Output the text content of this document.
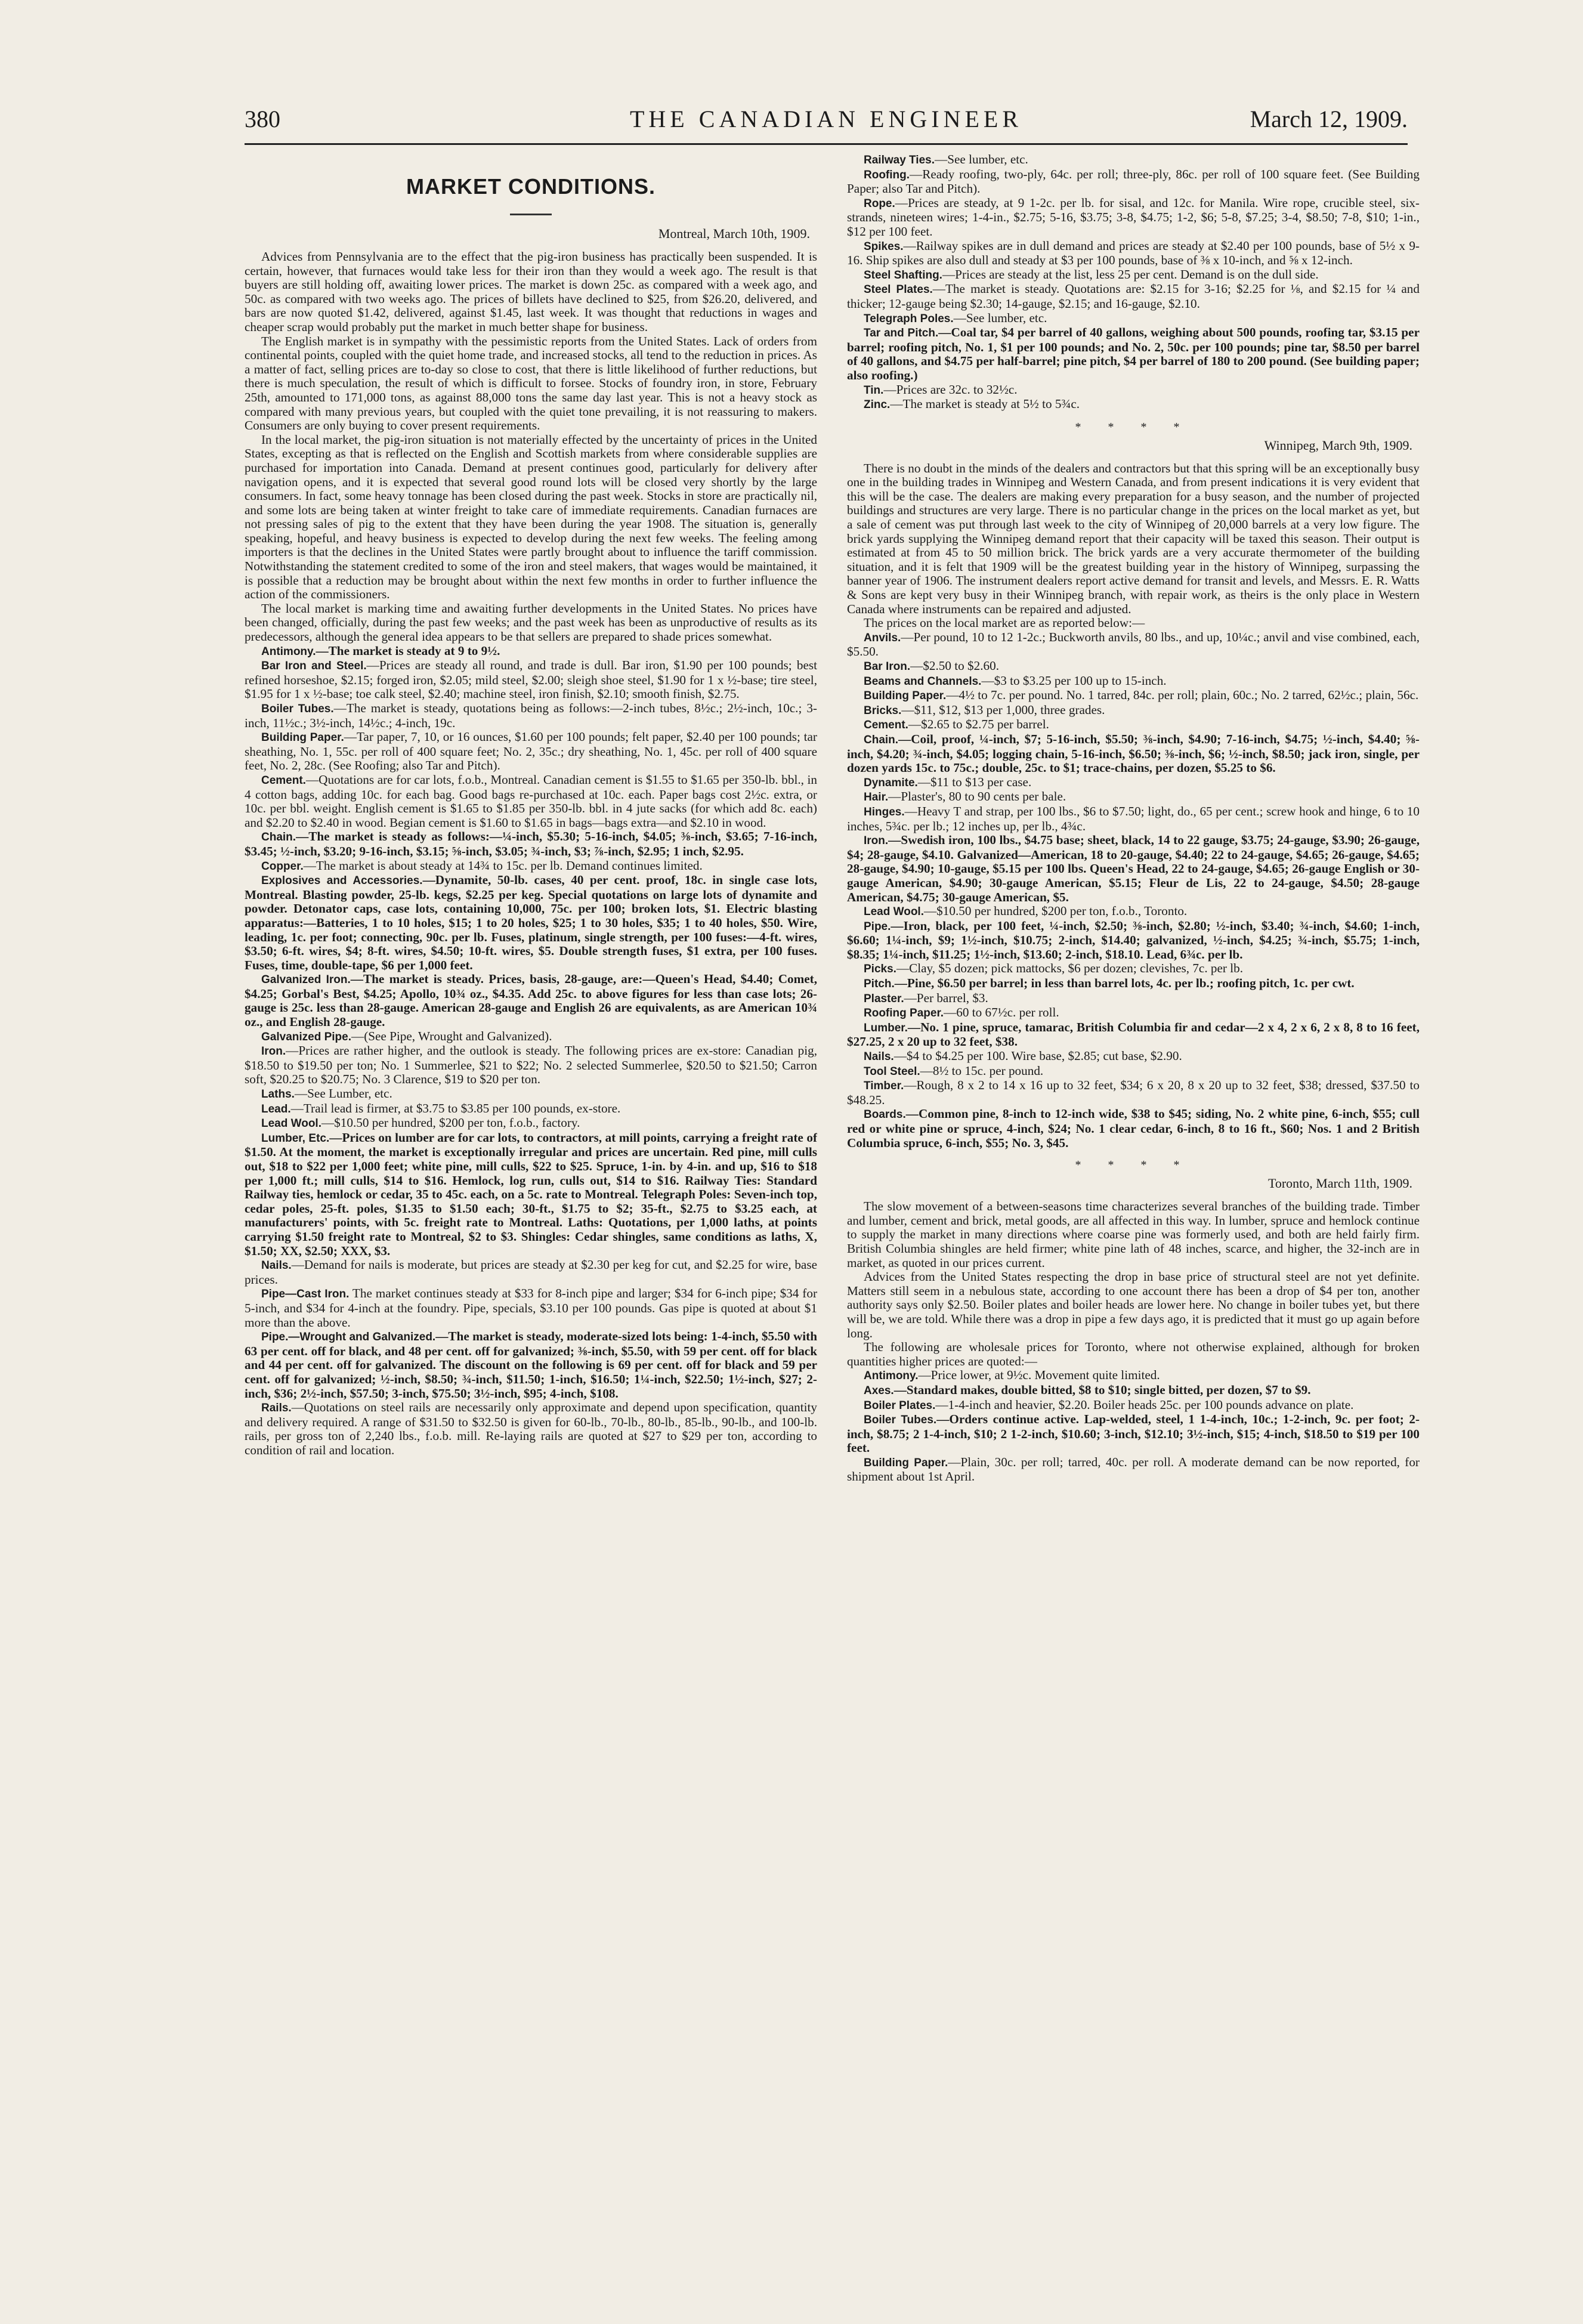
380	THE CANADIAN ENGINEER	March 12, 1909.
MARKET CONDITIONS.
Montreal, March 10th, 1909.

Advices from Pennsylvania are to the effect that the pig-iron business has practically been suspended. It is certain, however, that furnaces would take less for their iron than they would a week ago. The result is that buyers are still holding off, awaiting lower prices. The market is down 25c. as compared with a week ago, and 50c. as compared with two weeks ago. The prices of billets have declined to $25, from $26.20, delivered, and bars are now quoted $1.42, delivered, against $1.45, last week. It was thought that reductions in wages and cheaper scrap would probably put the market in much better shape for business.

The English market is in sympathy with the pessimistic reports from the United States. Lack of orders from continental points, coupled with the quiet home trade, and increased stocks, all tend to the reduction in prices. As a matter of fact, selling prices are to-day so close to cost, that there is little likelihood of further reductions, but there is much speculation, the result of which is difficult to forsee. Stocks of foundry iron, in store, February 25th, amounted to 171,000 tons, as against 88,000 tons the same day last year. This is not a heavy stock as compared with many previous years, but coupled with the quiet tone prevailing, it is not reassuring to makers. Consumers are only buying to cover present requirements.

In the local market, the pig-iron situation is not materially effected by the uncertainty of prices in the United States, excepting as that is reflected on the English and Scottish markets from where considerable supplies are purchased for importation into Canada. Demand at present continues good, particularly for delivery after navigation opens, and it is expected that several good round lots will be closed very shortly by the large consumers. In fact, some heavy tonnage has been closed during the past week. Stocks in store are practically nil, and some lots are being taken at winter freight to take care of immediate requirements. Canadian furnaces are not pressing sales of pig to the extent that they have been during the year 1908. The situation is, generally speaking, hopeful, and heavy business is expected to develop during the next few weeks. The feeling among importers is that the declines in the United States were partly brought about to influence the tariff commission. Notwithstanding the statement credited to some of the iron and steel makers, that wages would be maintained, it is possible that a reduction may be brought about within the next few months in order to further influence the action of the commissioners.

The local market is marking time and awaiting further developments in the United States. No prices have been changed, officially, during the past few weeks; and the past week has been as unproductive of results as its predecessors, although the general idea appears to be that sellers are prepared to shade prices somewhat.

Antimony.—The market is steady at 9 to 9½.

Bar Iron and Steel.—Prices are steady all round, and trade is dull. Bar iron, $1.90 per 100 pounds; best refined horseshoe, $2.15; forged iron, $2.05; mild steel, $2.00; sleigh shoe steel, $1.90 for 1 x ½-base; tire steel, $1.95 for 1 x ½-base; toe calk steel, $2.40; machine steel, iron finish, $2.10; smooth finish, $2.75.

Boiler Tubes.—The market is steady, quotations being as follows:—2-inch tubes, 8½c.; 2½-inch, 10c.; 3-inch, 11½c.; 3½-inch, 14½c.; 4-inch, 19c.

Building Paper.—Tar paper, 7, 10, or 16 ounces, $1.60 per 100 pounds; felt paper, $2.40 per 100 pounds; tar sheathing, No. 1, 55c. per roll of 400 square feet; No. 2, 35c.; dry sheathing, No. 1, 45c. per roll of 400 square feet, No. 2, 28c. (See Roofing; also Tar and Pitch).

Cement.—Quotations are for car lots, f.o.b., Montreal. Canadian cement is $1.55 to $1.65 per 350-lb. bbl., in 4 cotton bags, adding 10c. for each bag. Good bags re-purchased at 10c. each. Paper bags cost 2½c. extra, or 10c. per bbl. weight. English cement is $1.65 to $1.85 per 350-lb. bbl. in 4 jute sacks (for which add 8c. each) and $2.20 to $2.40 in wood. Begian cement is $1.60 to $1.65 in bags—bags extra—and $2.10 in wood.

Chain.—The market is steady as follows:—¼-inch, $5.30; 5-16-inch, $4.05; ⅜-inch, $3.65; 7-16-inch, $3.45; ½-inch, $3.20; 9-16-inch, $3.15; ⅝-inch, $3.05; ¾-inch, $3; ⅞-inch, $2.95; 1 inch, $2.95.

Copper.—The market is about steady at 14¾ to 15c. per lb. Demand continues limited.

Explosives and Accessories.—Dynamite, 50-lb. cases, 40 per cent. proof, 18c. in single case lots, Montreal. Blasting powder, 25-lb. kegs, $2.25 per keg. Special quotations on large lots of dynamite and powder. Detonator caps, case lots, containing 10,000, 75c. per 100; broken lots, $1. Electric blasting apparatus:—Batteries, 1 to 10 holes, $15; 1 to 20 holes, $25; 1 to 30 holes, $35; 1 to 40 holes, $50. Wire, leading, 1c. per foot; connecting, 90c. per lb. Fuses, platinum, single strength, per 100 fuses:—4-ft. wires, $3.50; 6-ft. wires, $4; 8-ft. wires, $4.50; 10-ft. wires, $5. Double strength fuses, $1 extra, per 100 fuses. Fuses, time, double-tape, $6 per 1,000 feet.

Galvanized Iron.—The market is steady. Prices, basis, 28-gauge, are:—Queen's Head, $4.40; Comet, $4.25; Gorbal's Best, $4.25; Apollo, 10¾ oz., $4.35. Add 25c. to above figures for less than case lots; 26-gauge is 25c. less than 28-gauge. American 28-gauge and English 26 are equivalents, as are American 10¾ oz., and English 28-gauge.

Galvanized Pipe.—(See Pipe, Wrought and Galvanized).

Iron.—Prices are rather higher, and the outlook is steady. The following prices are ex-store: Canadian pig, $18.50 to $19.50 per ton; No. 1 Summerlee, $21 to $22; No. 2 selected Summerlee, $20.50 to $21.50; Carron soft, $20.25 to $20.75; No. 3 Clarence, $19 to $20 per ton.

Laths.—See Lumber, etc.

Lead.—Trail lead is firmer, at $3.75 to $3.85 per 100 pounds, ex-store.

Lead Wool.—$10.50 per hundred, $200 per ton, f.o.b., factory.

Lumber, Etc.—Prices on lumber are for car lots, to contractors, at mill points, carrying a freight rate of $1.50. At the moment, the market is exceptionally irregular and prices are uncertain. Red pine, mill culls out, $18 to $22 per 1,000 feet; white pine, mill culls, $22 to $25. Spruce, 1-in. by 4-in. and up, $16 to $18 per 1,000 ft.; mill culls, $14 to $16. Hemlock, log run, culls out, $14 to $16. Railway Ties: Standard Railway ties, hemlock or cedar, 35 to 45c. each, on a 5c. rate to Montreal. Telegraph Poles: Seven-inch top, cedar poles, 25-ft. poles, $1.35 to $1.50 each; 30-ft., $1.75 to $2; 35-ft., $2.75 to $3.25 each, at manufacturers' points, with 5c. freight rate to Montreal. Laths: Quotations, per 1,000 laths, at points carrying $1.50 freight rate to Montreal, $2 to $3. Shingles: Cedar shingles, same conditions as laths, X, $1.50; XX, $2.50; XXX, $3.

Nails.—Demand for nails is moderate, but prices are steady at $2.30 per keg for cut, and $2.25 for wire, base prices.

Pipe—Cast Iron. The market continues steady at $33 for 8-inch pipe and larger; $34 for 6-inch pipe; $34 for 5-inch, and $34 for 4-inch at the foundry. Pipe, specials, $3.10 per 100 pounds. Gas pipe is quoted at about $1 more than the above.

Pipe.—Wrought and Galvanized.—The market is steady, moderate-sized lots being: 1-4-inch, $5.50 with 63 per cent. off for black, and 48 per cent. off for galvanized; ⅜-inch, $5.50, with 59 per cent. off for black and 44 per cent. off for galvanized. The discount on the following is 69 per cent. off for black and 59 per cent. off for galvanized; ½-inch, $8.50; ¾-inch, $11.50; 1-inch, $16.50; 1¼-inch, $22.50; 1½-inch, $27; 2-inch, $36; 2½-inch, $57.50; 3-inch, $75.50; 3½-inch, $95; 4-inch, $108.

Rails.—Quotations on steel rails are necessarily only approximate and depend upon specification, quantity and delivery required. A range of $31.50 to $32.50 is given for 60-lb., 70-lb., 80-lb., 85-lb., 90-lb., and 100-lb. rails, per gross ton of 2,240 lbs., f.o.b. mill. Re-laying rails are quoted at $27 to $29 per ton, according to condition of rail and location.

Railway Ties.—See lumber, etc.

Roofing.—Ready roofing, two-ply, 64c. per roll; three-ply, 86c. per roll of 100 square feet. (See Building Paper; also Tar and Pitch).

Rope.—Prices are steady, at 9 1-2c. per lb. for sisal, and 12c. for Manila. Wire rope, crucible steel, six-strands, nineteen wires; 1-4-in., $2.75; 5-16, $3.75; 3-8, $4.75; 1-2, $6; 5-8, $7.25; 3-4, $8.50; 7-8, $10; 1-in., $12 per 100 feet.

Spikes.—Railway spikes are in dull demand and prices are steady at $2.40 per 100 pounds, base of 5½ x 9-16. Ship spikes are also dull and steady at $3 per 100 pounds, base of ⅜ x 10-inch, and ⅝ x 12-inch.

Steel Shafting.—Prices are steady at the list, less 25 per cent. Demand is on the dull side.

Steel Plates.—The market is steady. Quotations are: $2.15 for 3-16; $2.25 for ⅛, and $2.15 for ¼ and thicker; 12-gauge being $2.30; 14-gauge, $2.15; and 16-gauge, $2.10.

Telegraph Poles.—See lumber, etc.

Tar and Pitch.—Coal tar, $4 per barrel of 40 gallons, weighing about 500 pounds, roofing tar, $3.15 per barrel; roofing pitch, No. 1, $1 per 100 pounds; and No. 2, 50c. per 100 pounds; pine tar, $8.50 per barrel of 40 gallons, and $4.75 per half-barrel; pine pitch, $4 per barrel of 180 to 200 pound. (See building paper; also roofing.)

Tin.—Prices are 32c. to 32½c.

Zinc.—The market is steady at 5½ to 5¾c.

* * * *
Winnipeg, March 9th, 1909.

There is no doubt in the minds of the dealers and contractors but that this spring will be an exceptionally busy one in the building trades in Winnipeg and Western Canada, and from present indications it is very evident that this will be the case. The dealers are making every preparation for a busy season, and the number of projected buildings and structures are very large. There is no particular change in the prices on the local market as yet, but a sale of cement was put through last week to the city of Winnipeg of 20,000 barrels at a very low figure. The brick yards supplying the Winnipeg demand report that their capacity will be taxed this season. Their output is estimated at from 45 to 50 million brick. The brick yards are a very accurate thermometer of the building situation, and it is felt that 1909 will be the greatest building year in the history of Winnipeg, surpassing the banner year of 1906. The instrument dealers report active demand for transit and levels, and Messrs. E. R. Watts & Sons are kept very busy in their Winnipeg branch, with repair work, as theirs is the only place in Western Canada where instruments can be repaired and adjusted.

The prices on the local market are as reported below:—

Anvils.—Per pound, 10 to 12 1-2c.; Buckworth anvils, 80 lbs., and up, 10¼c.; anvil and vise combined, each, $5.50.

Bar Iron.—$2.50 to $2.60.

Beams and Channels.—$3 to $3.25 per 100 up to 15-inch.

Building Paper.—4½ to 7c. per pound. No. 1 tarred, 84c. per roll; plain, 60c.; No. 2 tarred, 62½c.; plain, 56c.

Bricks.—$11, $12, $13 per 1,000, three grades.

Cement.—$2.65 to $2.75 per barrel.

Chain.—Coil, proof, ¼-inch, $7; 5-16-inch, $5.50; ⅜-inch, $4.90; 7-16-inch, $4.75; ½-inch, $4.40; ⅝-inch, $4.20; ¾-inch, $4.05; logging chain, 5-16-inch, $6.50; ⅜-inch, $6; ½-inch, $8.50; jack iron, single, per dozen yards 15c. to 75c.; double, 25c. to $1; trace-chains, per dozen, $5.25 to $6.

Dynamite.—$11 to $13 per case.

Hair.—Plaster's, 80 to 90 cents per bale.

Hinges.—Heavy T and strap, per 100 lbs., $6 to $7.50; light, do., 65 per cent.; screw hook and hinge, 6 to 10 inches, 5¾c. per lb.; 12 inches up, per lb., 4¾c.

Iron.—Swedish iron, 100 lbs., $4.75 base; sheet, black, 14 to 22 gauge, $3.75; 24-gauge, $3.90; 26-gauge, $4; 28-gauge, $4.10. Galvanized—American, 18 to 20-gauge, $4.40; 22 to 24-gauge, $4.65; 26-gauge, $4.65; 28-gauge, $4.90; 10-gauge, $5.15 per 100 lbs. Queen's Head, 22 to 24-gauge, $4.65; 26-gauge English or 30-gauge American, $4.90; 30-gauge American, $5.15; Fleur de Lis, 22 to 24-gauge, $4.50; 28-gauge American, $4.75; 30-gauge American, $5.

Lead Wool.—$10.50 per hundred, $200 per ton, f.o.b., Toronto.

Pipe.—Iron, black, per 100 feet, ¼-inch, $2.50; ⅜-inch, $2.80; ½-inch, $3.40; ¾-inch, $4.60; 1-inch, $6.60; 1¼-inch, $9; 1½-inch, $10.75; 2-inch, $14.40; galvanized, ½-inch, $4.25; ¾-inch, $5.75; 1-inch, $8.35; 1¼-inch, $11.25; 1½-inch, $13.60; 2-inch, $18.10. Lead, 6¾c. per lb.

Picks.—Clay, $5 dozen; pick mattocks, $6 per dozen; clevishes, 7c. per lb.

Pitch.—Pine, $6.50 per barrel; in less than barrel lots, 4c. per lb.; roofing pitch, 1c. per cwt.

Plaster.—Per barrel, $3.

Roofing Paper.—60 to 67½c. per roll.

Lumber.—No. 1 pine, spruce, tamarac, British Columbia fir and cedar—2 x 4, 2 x 6, 2 x 8, 8 to 16 feet, $27.25, 2 x 20 up to 32 feet, $38.

Nails.—$4 to $4.25 per 100. Wire base, $2.85; cut base, $2.90.

Tool Steel.—8½ to 15c. per pound.

Timber.—Rough, 8 x 2 to 14 x 16 up to 32 feet, $34; 6 x 20, 8 x 20 up to 32 feet, $38; dressed, $37.50 to $48.25.

Boards.—Common pine, 8-inch to 12-inch wide, $38 to $45; siding, No. 2 white pine, 6-inch, $55; cull red or white pine or spruce, 4-inch, $24; No. 1 clear cedar, 6-inch, 8 to 16 ft., $60; Nos. 1 and 2 British Columbia spruce, 6-inch, $55; No. 3, $45.

* * * *
Toronto, March 11th, 1909.

The slow movement of a between-seasons time characterizes several branches of the building trade. Timber and lumber, cement and brick, metal goods, are all affected in this way. In lumber, spruce and hemlock continue to supply the market in many directions where coarse pine was formerly used, and both are held fairly firm. British Columbia shingles are held firmer; white pine lath of 48 inches, scarce, and higher, the 32-inch are in market, as quoted in our prices current.

Advices from the United States respecting the drop in base price of structural steel are not yet definite. Matters still seem in a nebulous state, according to one account there has been a drop of $4 per ton, another authority says only $2.50. Boiler plates and boiler heads are lower here. No change in boiler tubes yet, but there will be, we are told. While there was a drop in pipe a few days ago, it is predicted that it must go up again before long.

The following are wholesale prices for Toronto, where not otherwise explained, although for broken quantities higher prices are quoted:—

Antimony.—Price lower, at 9½c. Movement quite limited.

Axes.—Standard makes, double bitted, $8 to $10; single bitted, per dozen, $7 to $9.

Boiler Plates.—1-4-inch and heavier, $2.20. Boiler heads 25c. per 100 pounds advance on plate.

Boiler Tubes.—Orders continue active. Lap-welded, steel, 1 1-4-inch, 10c.; 1-2-inch, 9c. per foot; 2-inch, $8.75; 2 1-4-inch, $10; 2 1-2-inch, $10.60; 3-inch, $12.10; 3½-inch, $15; 4-inch, $18.50 to $19 per 100 feet.

Building Paper.—Plain, 30c. per roll; tarred, 40c. per roll. A moderate demand can be now reported, for shipment about 1st April.
